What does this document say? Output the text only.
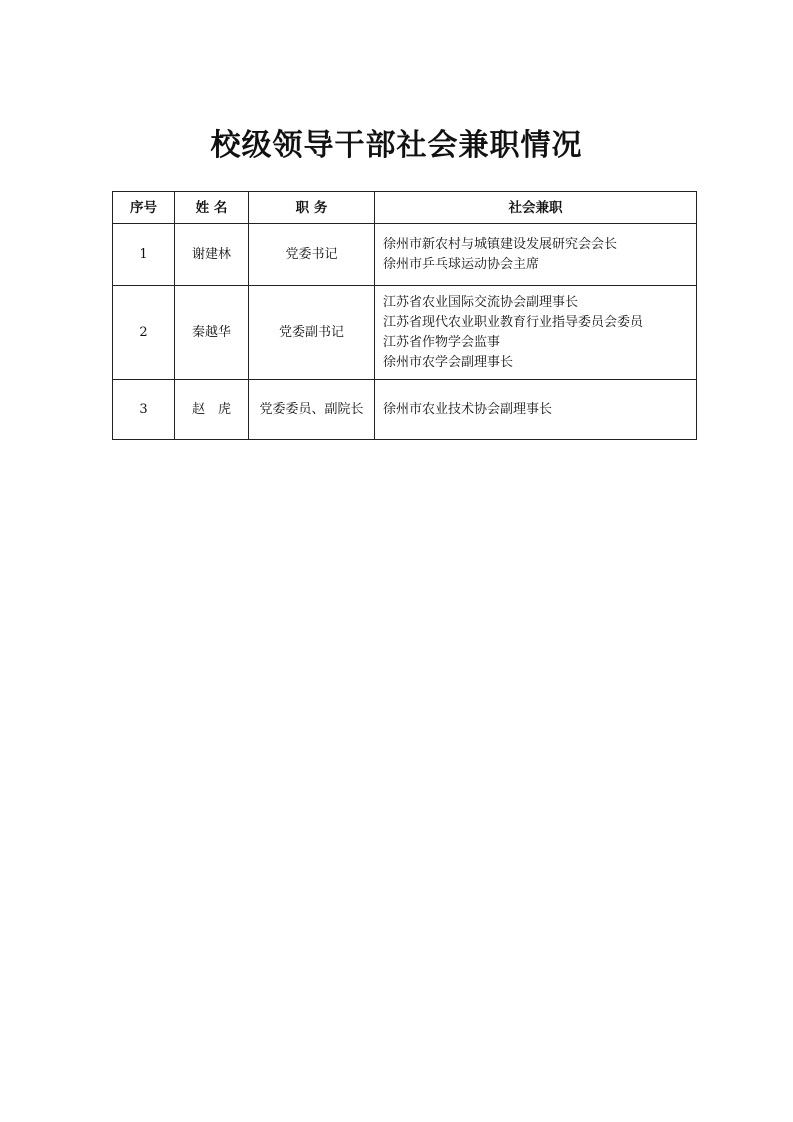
校级领导干部社会兼职情况
序号	姓 名	职 务	社会兼职
1	谢建林	党委书记	徐州市新农村与城镇建设发展研究会会长
徐州市乒乓球运动协会主席

2	秦越华	党委副书记	江苏省农业国际交流协会副理事长
江苏省现代农业职业教育行业指导委员会委员
江苏省作物学会监事
徐州市农学会副理事长

3	赵　虎	党委委员、副院长	徐州市农业技术协会副理事长
